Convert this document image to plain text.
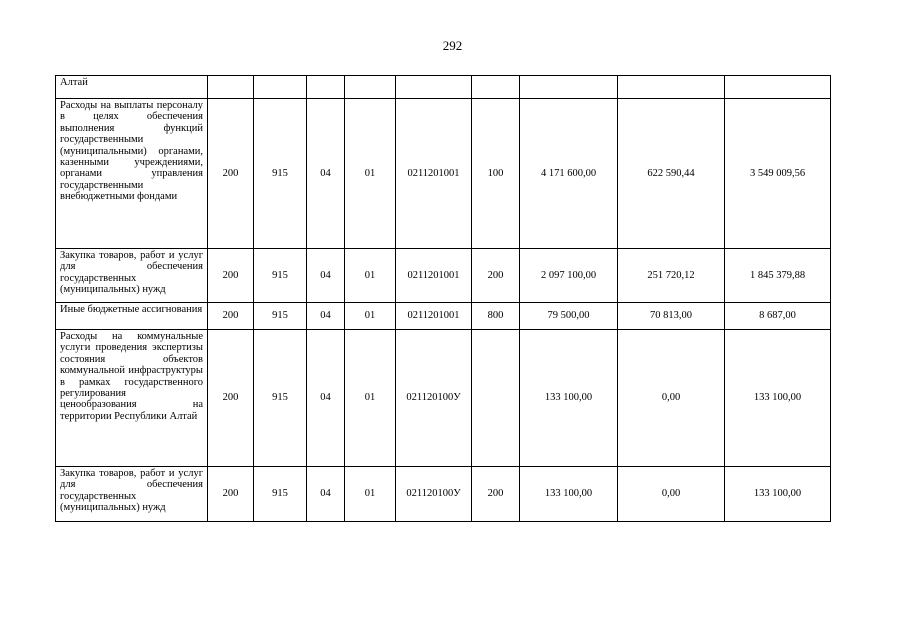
292
Алтай									
Расходы на выплаты персоналу в целях обеспечения выполнения функций государственными (муниципальными) органами, казенными учреждениями, органами управления государственными внебюджетными фондами	200	915	04	01	0211201001	100	4 171 600,00	622 590,44	3 549 009,56
Закупка товаров, работ и услуг для обеспечения государственных (муниципальных) нужд	200	915	04	01	0211201001	200	2 097 100,00	251 720,12	1 845 379,88
Иные бюджетные ассигнования	200	915	04	01	0211201001	800	79 500,00	70 813,00	8 687,00
Расходы на коммунальные услуги проведения экспертизы состояния объектов коммунальной инфраструктуры в рамках государственного регулирования ценообразования на территории Республики Алтай	200	915	04	01	021120100У		133 100,00	0,00	133 100,00
Закупка товаров, работ и услуг для обеспечения государственных (муниципальных) нужд	200	915	04	01	021120100У	200	133 100,00	0,00	133 100,00
